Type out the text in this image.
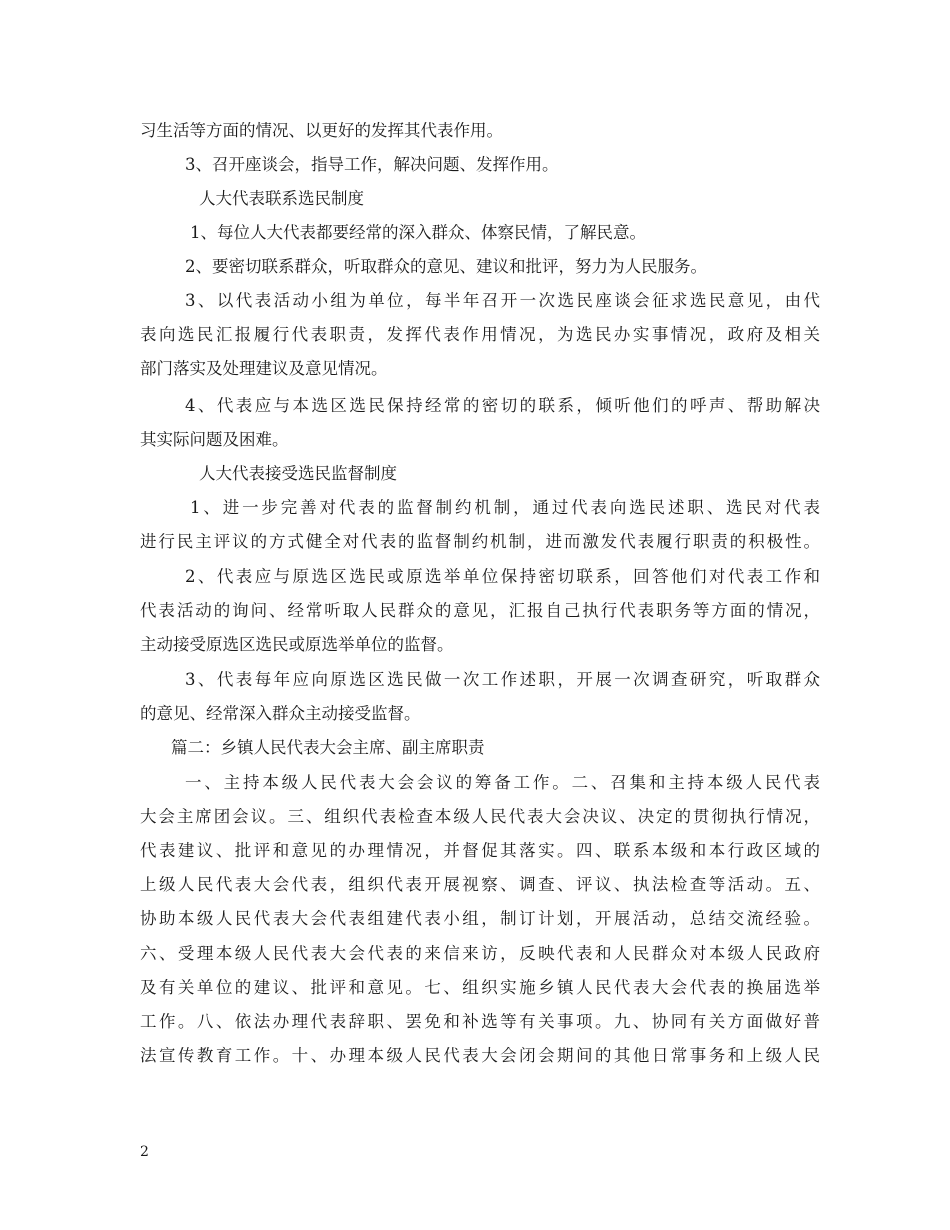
习生活等方面的情况、以更好的发挥其代表作用。
3、召开座谈会，指导工作，解决问题、发挥作用。
人大代表联系选民制度
1、每位人大代表都要经常的深入群众、体察民情，了解民意。
2、要密切联系群众，听取群众的意见、建议和批评，努力为人民服务。
3、以代表活动小组为单位，每半年召开一次选民座谈会征求选民意见，由代
表向选民汇报履行代表职责，发挥代表作用情况，为选民办实事情况，政府及相关
部门落实及处理建议及意见情况。
4、代表应与本选区选民保持经常的密切的联系，倾听他们的呼声、帮助解决
其实际问题及困难。
人大代表接受选民监督制度
1、进一步完善对代表的监督制约机制，通过代表向选民述职、选民对代表
进行民主评议的方式健全对代表的监督制约机制，进而激发代表履行职责的积极性。
2、代表应与原选区选民或原选举单位保持密切联系，回答他们对代表工作和
代表活动的询问、经常听取人民群众的意见，汇报自己执行代表职务等方面的情况，
主动接受原选区选民或原选举单位的监督。
3、代表每年应向原选区选民做一次工作述职，开展一次调查研究，听取群众
的意见、经常深入群众主动接受监督。
篇二：乡镇人民代表大会主席、副主席职责
一、主持本级人民代表大会会议的筹备工作。二、召集和主持本级人民代表
大会主席团会议。三、组织代表检查本级人民代表大会决议、决定的贯彻执行情况，
代表建议、批评和意见的办理情况，并督促其落实。四、联系本级和本行政区域的
上级人民代表大会代表，组织代表开展视察、调查、评议、执法检查等活动。五、
协助本级人民代表大会代表组建代表小组，制订计划，开展活动，总结交流经验。
六、受理本级人民代表大会代表的来信来访，反映代表和人民群众对本级人民政府
及有关单位的建议、批评和意见。七、组织实施乡镇人民代表大会代表的换届选举
工作。八、依法办理代表辞职、罢免和补选等有关事项。九、协同有关方面做好普
法宣传教育工作。十、办理本级人民代表大会闭会期间的其他日常事务和上级人民
2
